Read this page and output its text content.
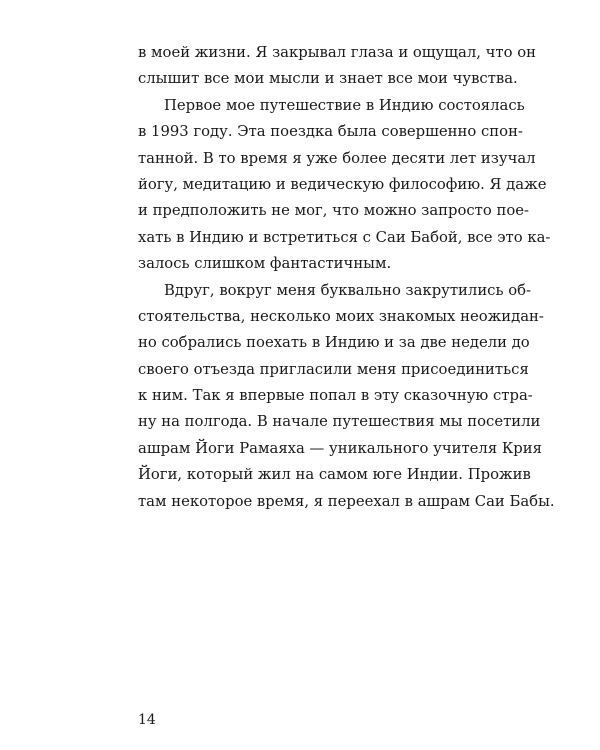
в моей жизни. Я закрывал глаза и ощущал, что он
слышит все мои мысли и знает все мои чувства.
Первое мое путешествие в Индию состоялась
в 1993 году. Эта поездка была совершенно спон-
танной. В то время я уже более десяти лет изучал
йогу, медитацию и ведическую философию. Я даже
и предположить не мог, что можно запросто пое-
хать в Индию и встретиться с Саи Бабой, все это ка-
залось слишком фантастичным.
Вдруг, вокруг меня буквально закрутились об-
стоятельства, несколько моих знакомых неожидан-
но собрались поехать в Индию и за две недели до
своего отъезда пригласили меня присоединиться
к ним. Так я впервые попал в эту сказочную стра-
ну на полгода. В начале путешествия мы посетили
ашрам Йоги Рамаяха — уникального учителя Крия
Йоги, который жил на самом юге Индии. Прожив
там некоторое время, я переехал в ашрам Саи Бабы.
14
